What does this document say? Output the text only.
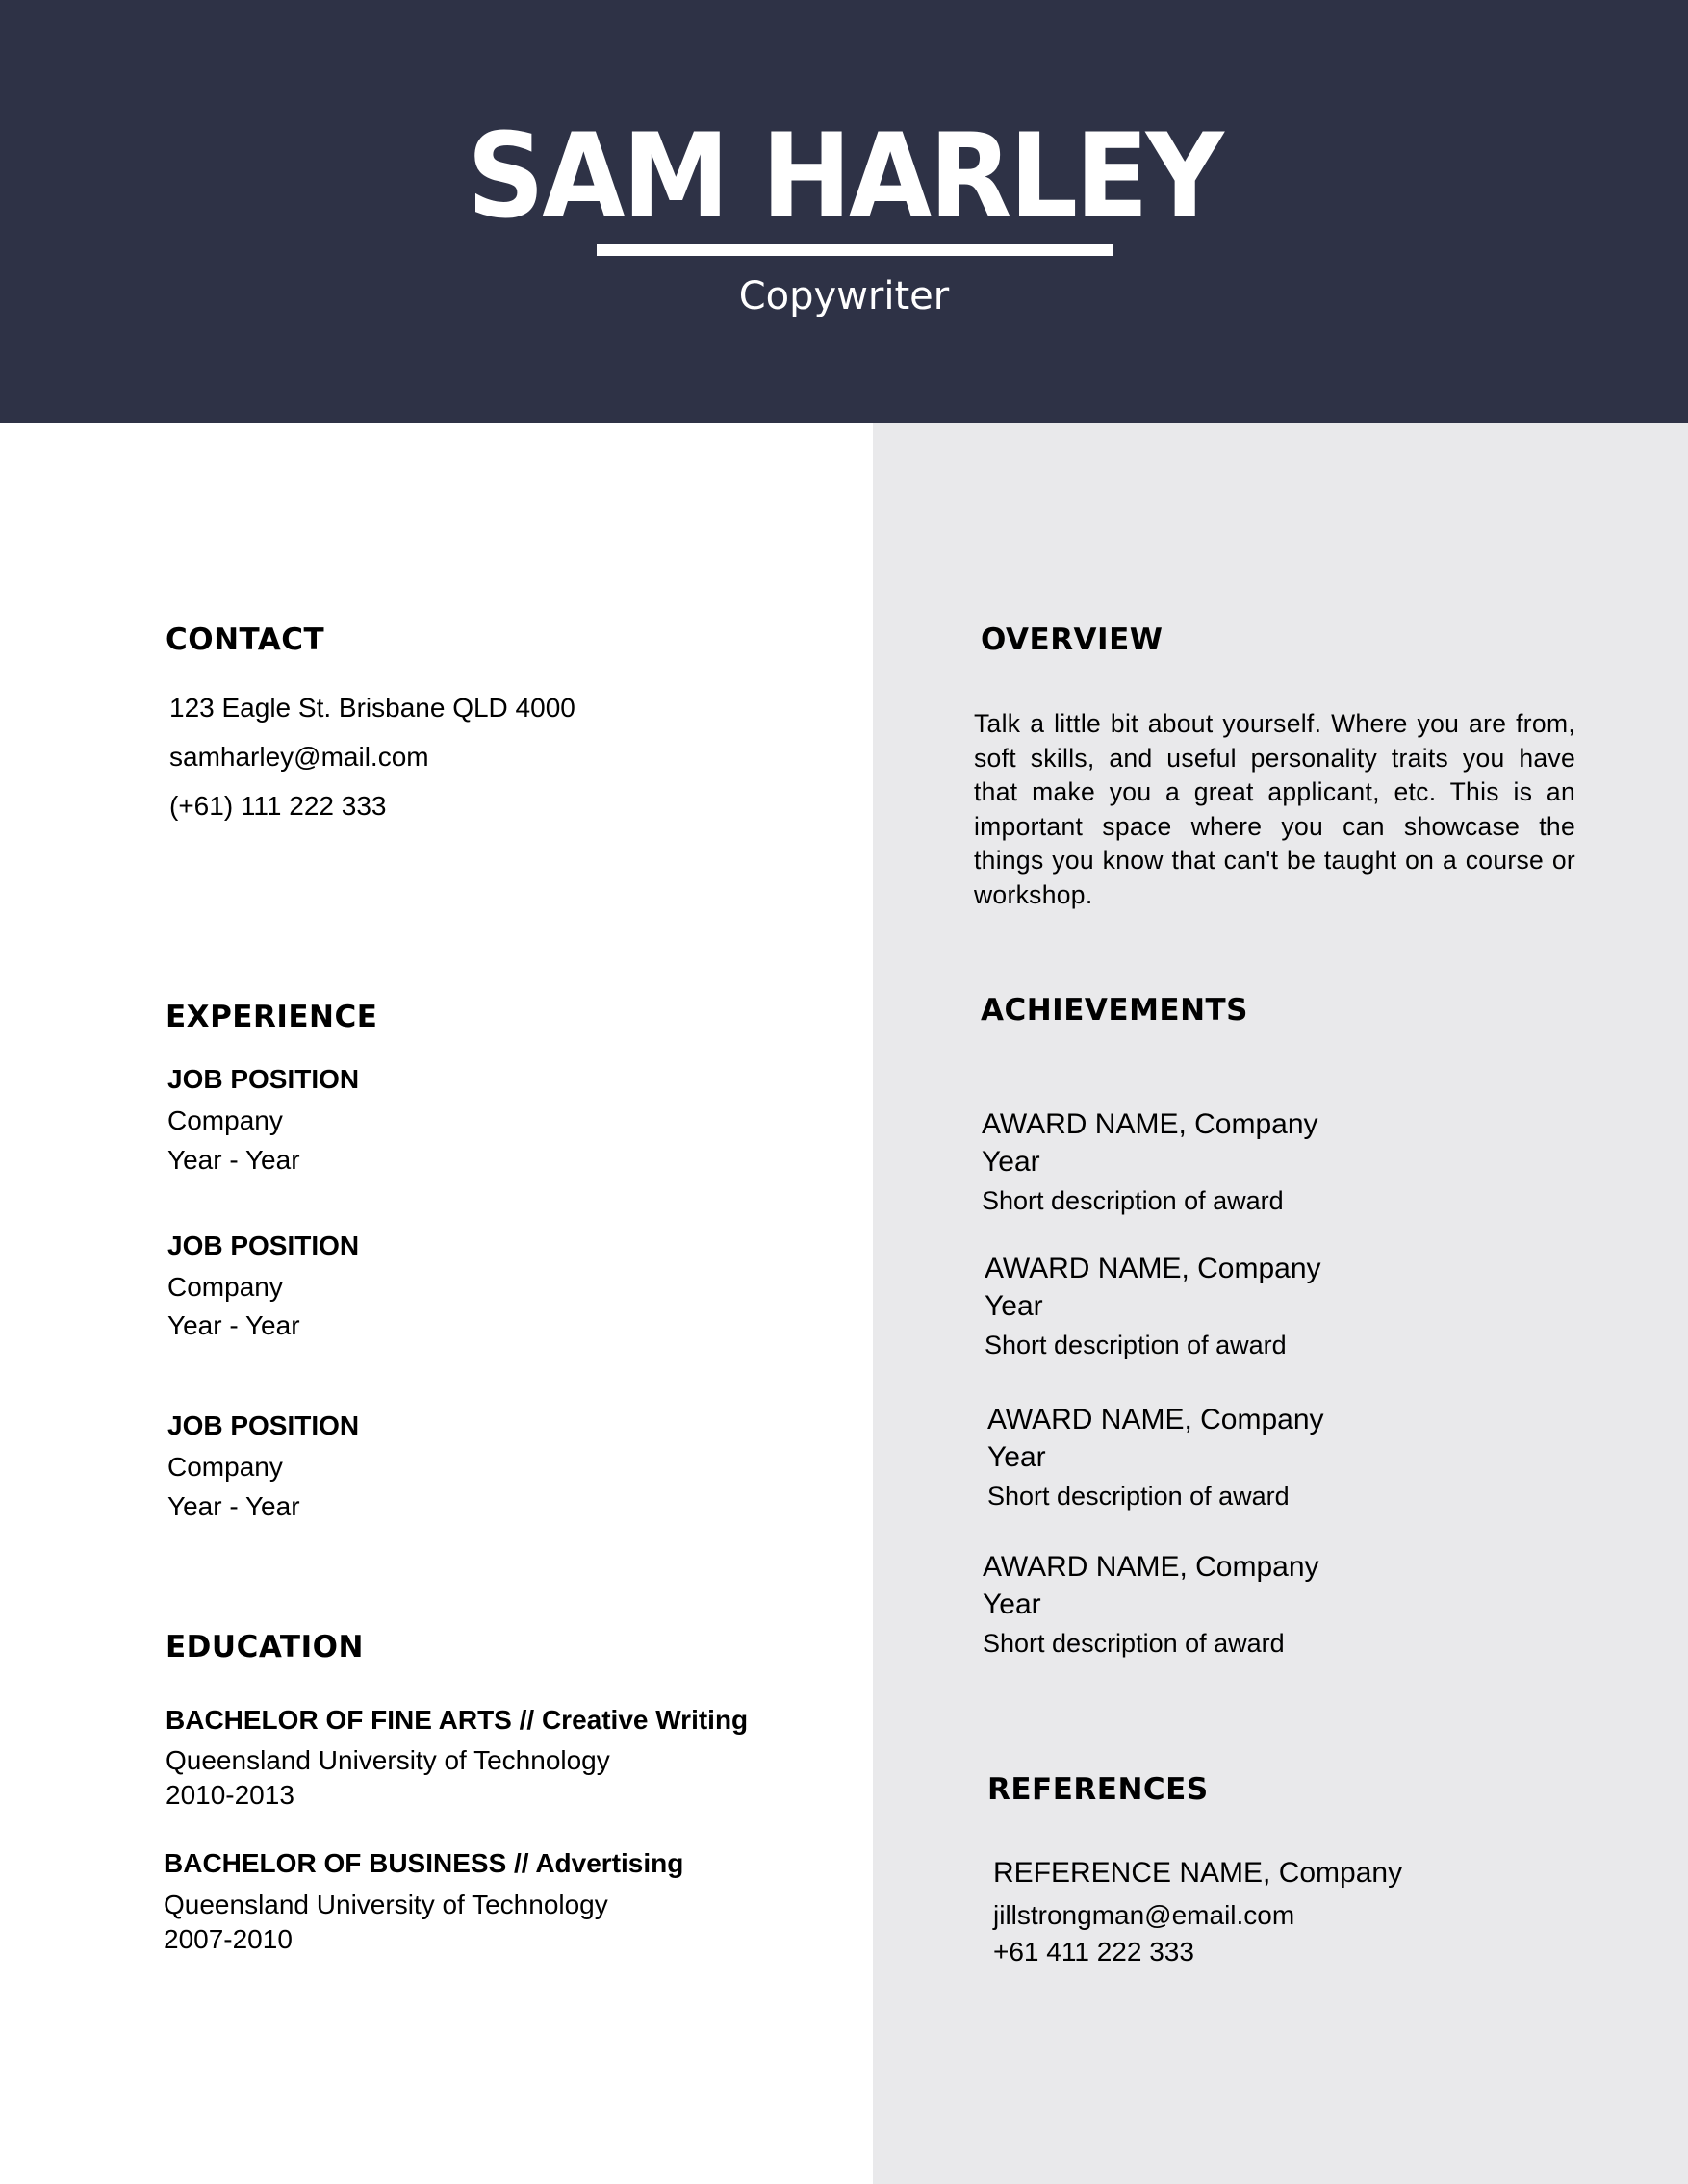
SAM HARLEY
Copywriter
CONTACT
123 Eagle St. Brisbane QLD 4000
samharley@mail.com
(+61) 111 222 333
OVERVIEW
Talk a little bit about yourself. Where you are from, soft skills, and useful personality traits you have that make you a great applicant, etc. This is an important space where you can showcase the things you know that can't be taught on a course or workshop.
EXPERIENCE
JOB POSITION
Company
Year - Year
JOB POSITION
Company
Year - Year
JOB POSITION
Company
Year - Year
ACHIEVEMENTS
AWARD NAME, Company
Year
Short description of award
AWARD NAME, Company
Year
Short description of award
AWARD NAME, Company
Year
Short description of award
AWARD NAME, Company
Year
Short description of award
EDUCATION
BACHELOR OF FINE ARTS // Creative Writing
Queensland University of Technology
2010-2013
BACHELOR OF BUSINESS // Advertising
Queensland University of Technology
2007-2010
REFERENCES
REFERENCE NAME, Company
jillstrongman@email.com
+61 411 222 333
